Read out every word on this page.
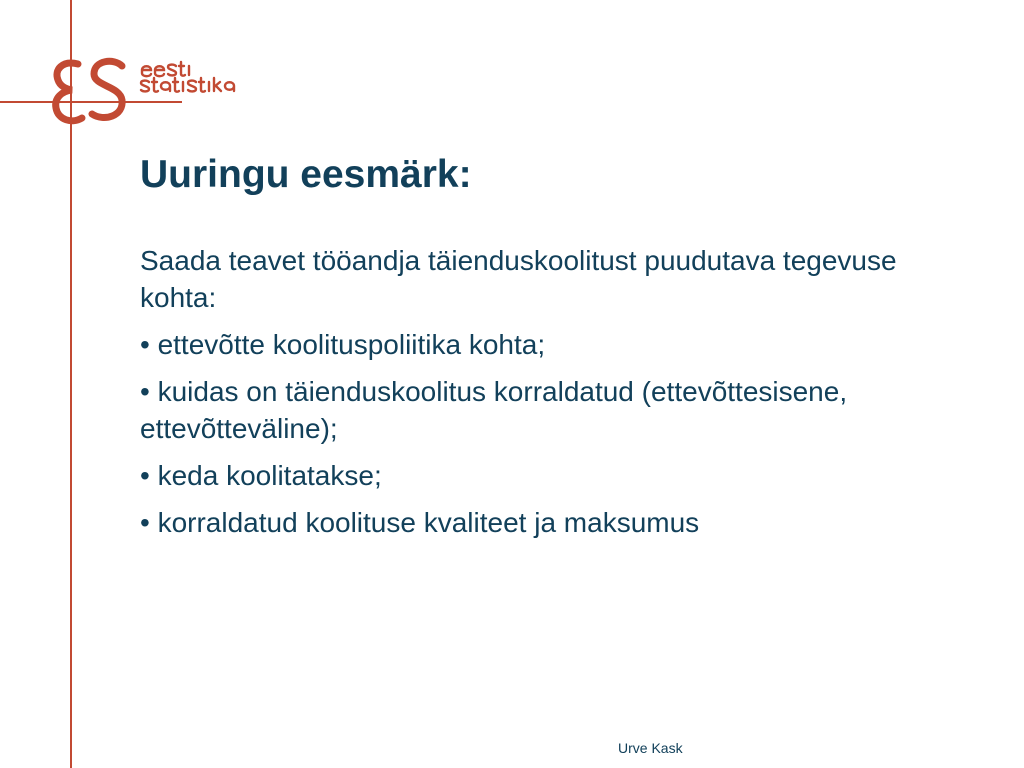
Uuringu eesmärk:

Saada teavet tööandja täienduskoolitust puudutava tegevuse kohta:

• ettevõtte koolituspoliitika kohta;

• kuidas on täienduskoolitus korraldatud (ettevõttesisene, ettevõtteväline);

• keda koolitatakse;

• korraldatud koolituse kvaliteet ja maksumus

Urve Kask
